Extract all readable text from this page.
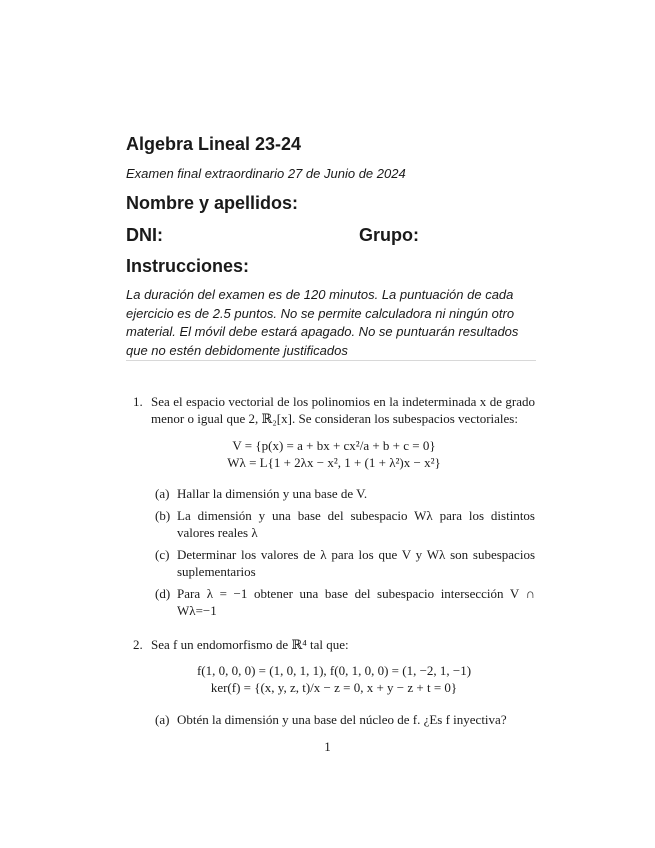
Algebra Lineal 23-24
Examen final extraordinario 27 de Junio de 2024
Nombre y apellidos:
DNI:	Grupo:
Instrucciones:
La duración del examen es de 120 minutos. La puntuación de cada
ejercicio es de 2.5 puntos. No se permite calculadora ni ningún otro
material. El móvil debe estará apagado. No se puntuarán resultados
que no estén debidomente justificados
1. Sea el espacio vectorial de los polinomios en la indeterminada x de grado menor o igual que 2, ℝ₂[x]. Se consideran los subespacios vectoriales:
V = {p(x) = a + bx + cx²/a + b + c = 0}
Wλ = L{1 + 2λx − x², 1 + (1 + λ²)x − x²}
(a) Hallar la dimensión y una base de V.
(b) La dimensión y una base del subespacio Wλ para los distintos valores reales λ
(c) Determinar los valores de λ para los que V y Wλ son subespacios suplementarios
(d) Para λ = −1 obtener una base del subespacio intersección V ∩ Wλ=−1
2. Sea f un endomorfismo de ℝ⁴ tal que:
f(1, 0, 0, 0) = (1, 0, 1, 1), f(0, 1, 0, 0) = (1, −2, 1, −1)
ker(f) = {(x, y, z, t)/x − z = 0, x + y − z + t = 0}
(a) Obtén la dimensión y una base del núcleo de f. ¿Es f inyectiva?
1
